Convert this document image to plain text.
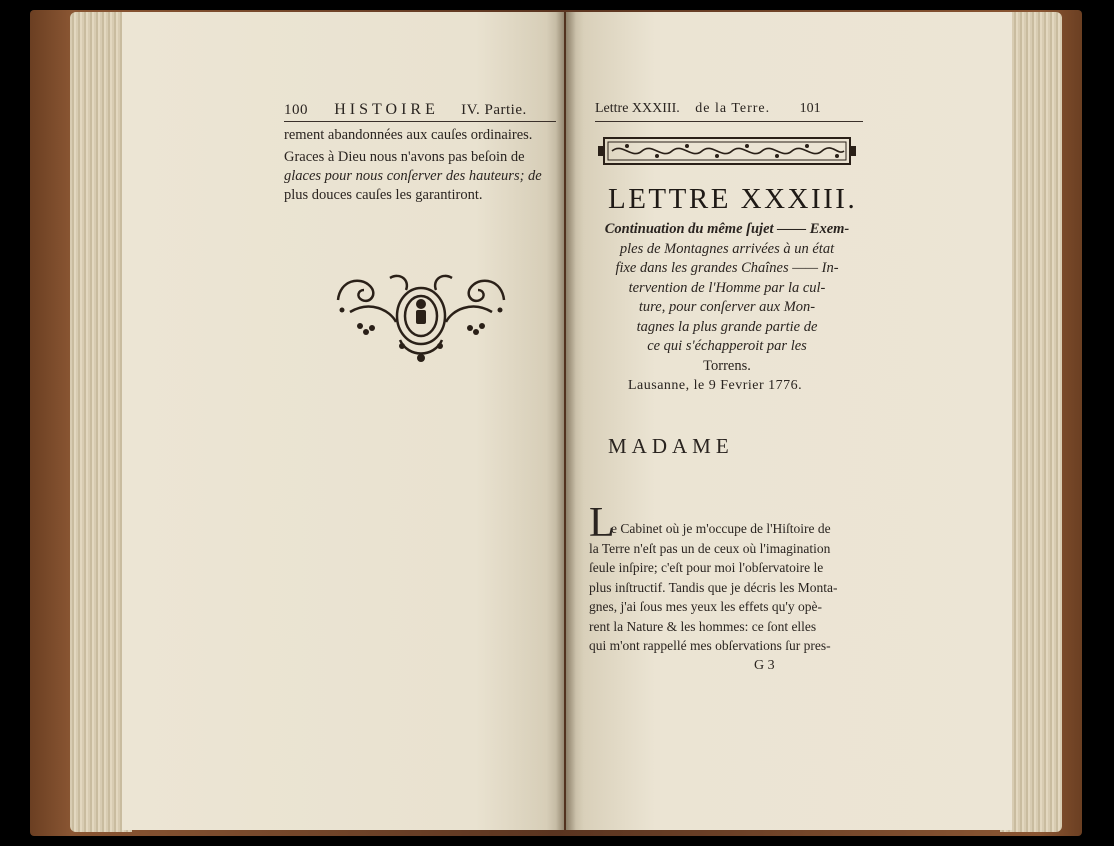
100 HISTOIRE IV. Partie.
rement abandonnées aux cauſes ordinaires.
Graces à Dieu nous n'avons pas beſoin de
glaces pour nous conſerver des hauteurs; de
plus douces cauſes les garantiront.
Lettre XXXIII. de la Terre. 101
LETTRE XXXIII.
Continuation du même ſujet —— Exem-
ples de Montagnes arrivées à un état
fixe dans les grandes Chaînes —— In-
tervention de l'Homme par la cul-
ture, pour conſerver aux Mon-
tagnes la plus grande partie de
ce qui s'échapperoit par les
Torrens.
Lausanne, le 9 Fevrier 1776.
MADAME
L
e Cabinet où je m'occupe de l'Hiſtoire de
la Terre n'eſt pas un de ceux où l'imagination
ſeule inſpire; c'eſt pour moi l'obſervatoire le
plus inſtructif. Tandis que je décris les Monta-
gnes, j'ai ſous mes yeux les effets qu'y opè-
rent la Nature & les hommes: ce ſont elles
qui m'ont rappellé mes obſervations ſur pres-
G 3
